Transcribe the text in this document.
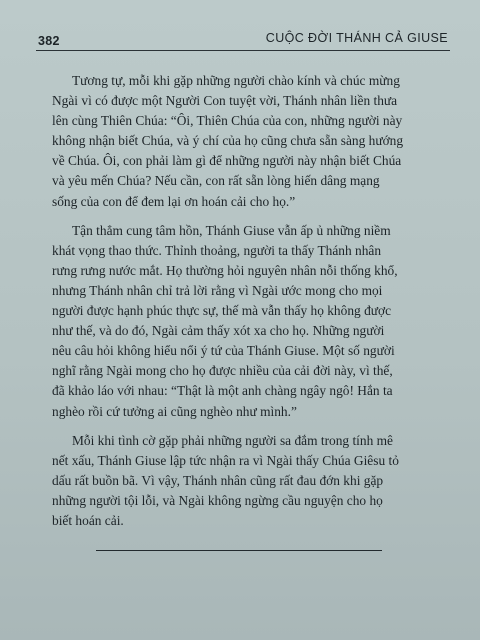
382	CUỘC ĐỜI THÁNH CẢ GIUSE

Tương tự, mỗi khi gặp những người chào kính và chúc mừng
Ngài vì có được một Người Con tuyệt vời, Thánh nhân liền thưa
lên cùng Thiên Chúa: “Ôi, Thiên Chúa của con, những người này
không nhận biết Chúa, và ý chí của họ cũng chưa sẵn sàng hướng
về Chúa. Ôi, con phải làm gì để những người này nhận biết Chúa
và yêu mến Chúa? Nếu cần, con rất sẵn lòng hiến dâng mạng
sống của con để đem lại ơn hoán cải cho họ.”

Tận thẳm cung tâm hồn, Thánh Giuse vẫn ấp ủ những niềm
khát vọng thao thức. Thỉnh thoảng, người ta thấy Thánh nhân
rưng rưng nước mắt. Họ thường hỏi nguyên nhân nỗi thống khổ,
nhưng Thánh nhân chỉ trả lời rằng vì Ngài ước mong cho mọi
người được hạnh phúc thực sự, thế mà vẫn thấy họ không được
như thế, và do đó, Ngài cảm thấy xót xa cho họ. Những người
nêu câu hỏi không hiểu nổi ý tứ của Thánh Giuse. Một số người
nghĩ rằng Ngài mong cho họ được nhiều của cải đời này, vì thế,
đã khảo láo với nhau: “Thật là một anh chàng ngây ngô! Hắn ta
nghèo rồi cứ tưởng ai cũng nghèo như mình.”

Mỗi khi tình cờ gặp phải những người sa đắm trong tính mê
nết xấu, Thánh Giuse lập tức nhận ra vì Ngài thấy Chúa Giêsu tỏ
dấu rất buồn bã. Vì vậy, Thánh nhân cũng rất đau đớn khi gặp
những người tội lỗi, và Ngài không ngừng cầu nguyện cho họ
biết hoán cải.
